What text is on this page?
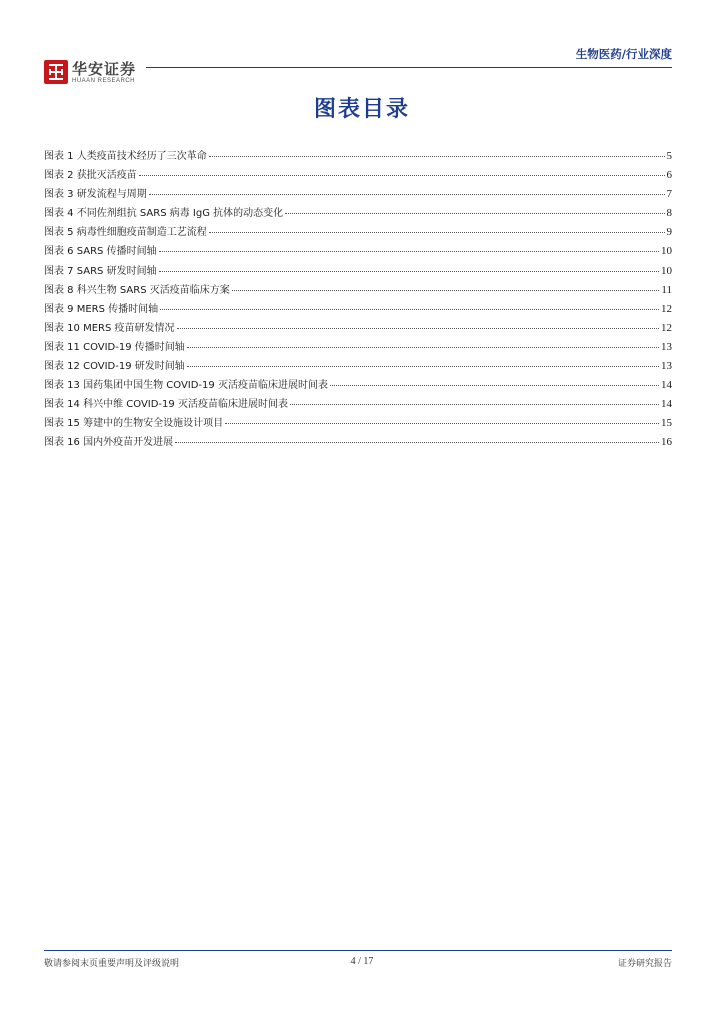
华安证券
HUAAN RESEARCH
生物医药/行业深度
图表目录
图表 1 人类疫苗技术经历了三次革命	5
图表 2 获批灭活疫苗	6
图表 3 研发流程与周期	7
图表 4 不同佐剂组抗 SARS 病毒 IgG 抗体的动态变化	8
图表 5 病毒性细胞疫苗制造工艺流程	9
图表 6 SARS 传播时间轴	10
图表 7 SARS 研发时间轴	10
图表 8 科兴生物 SARS 灭活疫苗临床方案	11
图表 9 MERS 传播时间轴	12
图表 10 MERS 疫苗研发情况	12
图表 11 COVID-19 传播时间轴	13
图表 12 COVID-19 研发时间轴	13
图表 13 国药集团中国生物 COVID-19 灭活疫苗临床进展时间表	14
图表 14 科兴中维 COVID-19 灭活疫苗临床进展时间表	14
图表 15 筹建中的生物安全设施设计项目	15
图表 16 国内外疫苗开发进展	16
敬请参阅末页重要声明及评级说明	4 / 17	证券研究报告
